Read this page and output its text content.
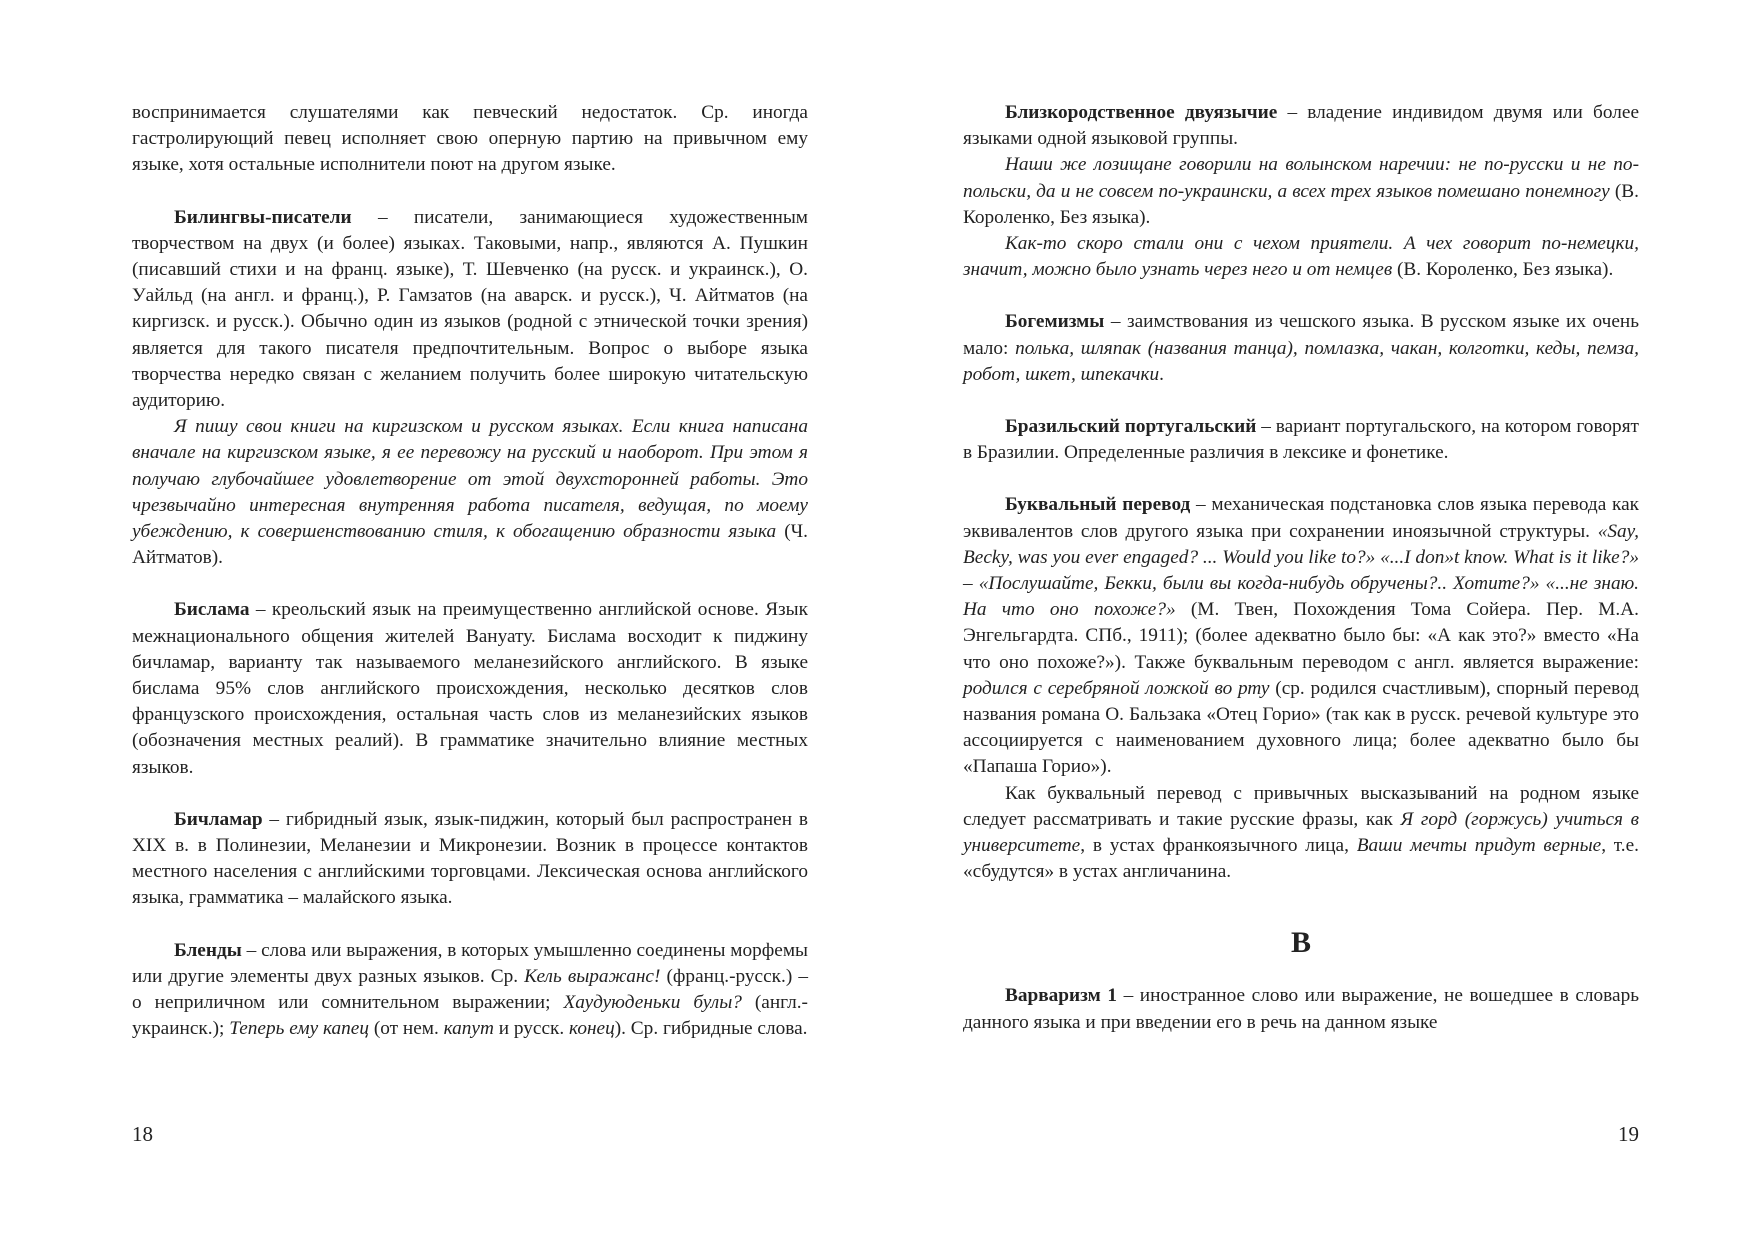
воспринимается слушателями как певческий недостаток. Ср. иногда гастролирующий певец исполняет свою оперную партию на привычном ему языке, хотя остальные исполнители поют на другом языке.

Билингвы-писатели – писатели, занимающиеся художественным творчеством на двух (и более) языках. Таковыми, напр., являются А. Пушкин (писавший стихи и на франц. языке), Т. Шевченко (на русск. и украинск.), О. Уайльд (на англ. и франц.), Р. Гамзатов (на аварск. и русск.), Ч. Айтматов (на киргизск. и русск.). Обычно один из языков (родной с этнической точки зрения) является для такого писателя предпочтительным. Вопрос о выборе языка творчества нередко связан с желанием получить более широкую читательскую аудиторию.

Я пишу свои книги на киргизском и русском языках. Если книга написана вначале на киргизском языке, я ее перевожу на русский и наоборот. При этом я получаю глубочайшее удовлетворение от этой двухсторонней работы. Это чрезвычайно интересная внутренняя работа писателя, ведущая, по моему убеждению, к совершенствованию стиля, к обогащению образности языка (Ч. Айтматов).

Бислама – креольский язык на преимущественно английской основе. Язык межнационального общения жителей Вануату. Бислама восходит к пиджину бичламар, варианту так называемого меланезийского английского. В языке бислама 95% слов английского происхождения, несколько десятков слов французского происхождения, остальная часть слов из меланезийских языков (обозначения местных реалий). В грамматике значительно влияние местных языков.

Бичламар – гибридный язык, язык-пиджин, который был распространен в XIX в. в Полинезии, Меланезии и Микронезии. Возник в процессе контактов местного населения с английскими торговцами. Лексическая основа английского языка, грамматика – малайского языка.

Бленды – слова или выражения, в которых умышленно соединены морфемы или другие элементы двух разных языков. Ср. Кель выражанс! (франц.-русск.) – о неприличном или сомнительном выражении; Хаудуюденьки булы? (англ.-украинск.); Теперь ему капец (от нем. капут и русск. конец). Ср. гибридные слова.

18

Близкородственное двуязычие – владение индивидом двумя или более языками одной языковой группы.

Наши же лозищане говорили на волынском наречии: не по-русски и не по-польски, да и не совсем по-украински, а всех трех языков помешано понемногу (В. Короленко, Без языка).

Как-то скоро стали они с чехом приятели. А чех говорит по-немецки, значит, можно было узнать через него и от немцев (В. Короленко, Без языка).

Богемизмы – заимствования из чешского языка. В русском языке их очень мало: полька, шляпак (названия танца), помлазка, чакан, колготки, кеды, пемза, робот, шкет, шпекачки.

Бразильский португальский – вариант португальского, на котором говорят в Бразилии. Определенные различия в лексике и фонетике.

Буквальный перевод – механическая подстановка слов языка перевода как эквивалентов слов другого языка при сохранении иноязычной структуры. «Say, Becky, was you ever engaged? ... Would you like to?» «...I don»t know. What is it like?» – «Послушайте, Бекки, были вы когда-нибудь обручены?.. Хотите?» «...не знаю. На что оно похоже?» (М. Твен, Похождения Тома Сойера. Пер. М.А. Энгельгардта. СПб., 1911); (более адекватно было бы: «А как это?» вместо «На что оно похоже?»). Также буквальным переводом с англ. является выражение: родился с серебряной ложкой во рту (ср. родился счастливым), спорный перевод названия романа О. Бальзака «Отец Горио» (так как в русск. речевой культуре это ассоциируется с наименованием духовного лица; более адекватно было бы «Папаша Горио»).

Как буквальный перевод с привычных высказываний на родном языке следует рассматривать и такие русские фразы, как Я горд (горжусь) учиться в университете, в устах франкоязычного лица, Ваши мечты придут верные, т.е. «сбудутся» в устах англичанина.

В

Варваризм 1 – иностранное слово или выражение, не вошедшее в словарь данного языка и при введении его в речь на данном языке

19
